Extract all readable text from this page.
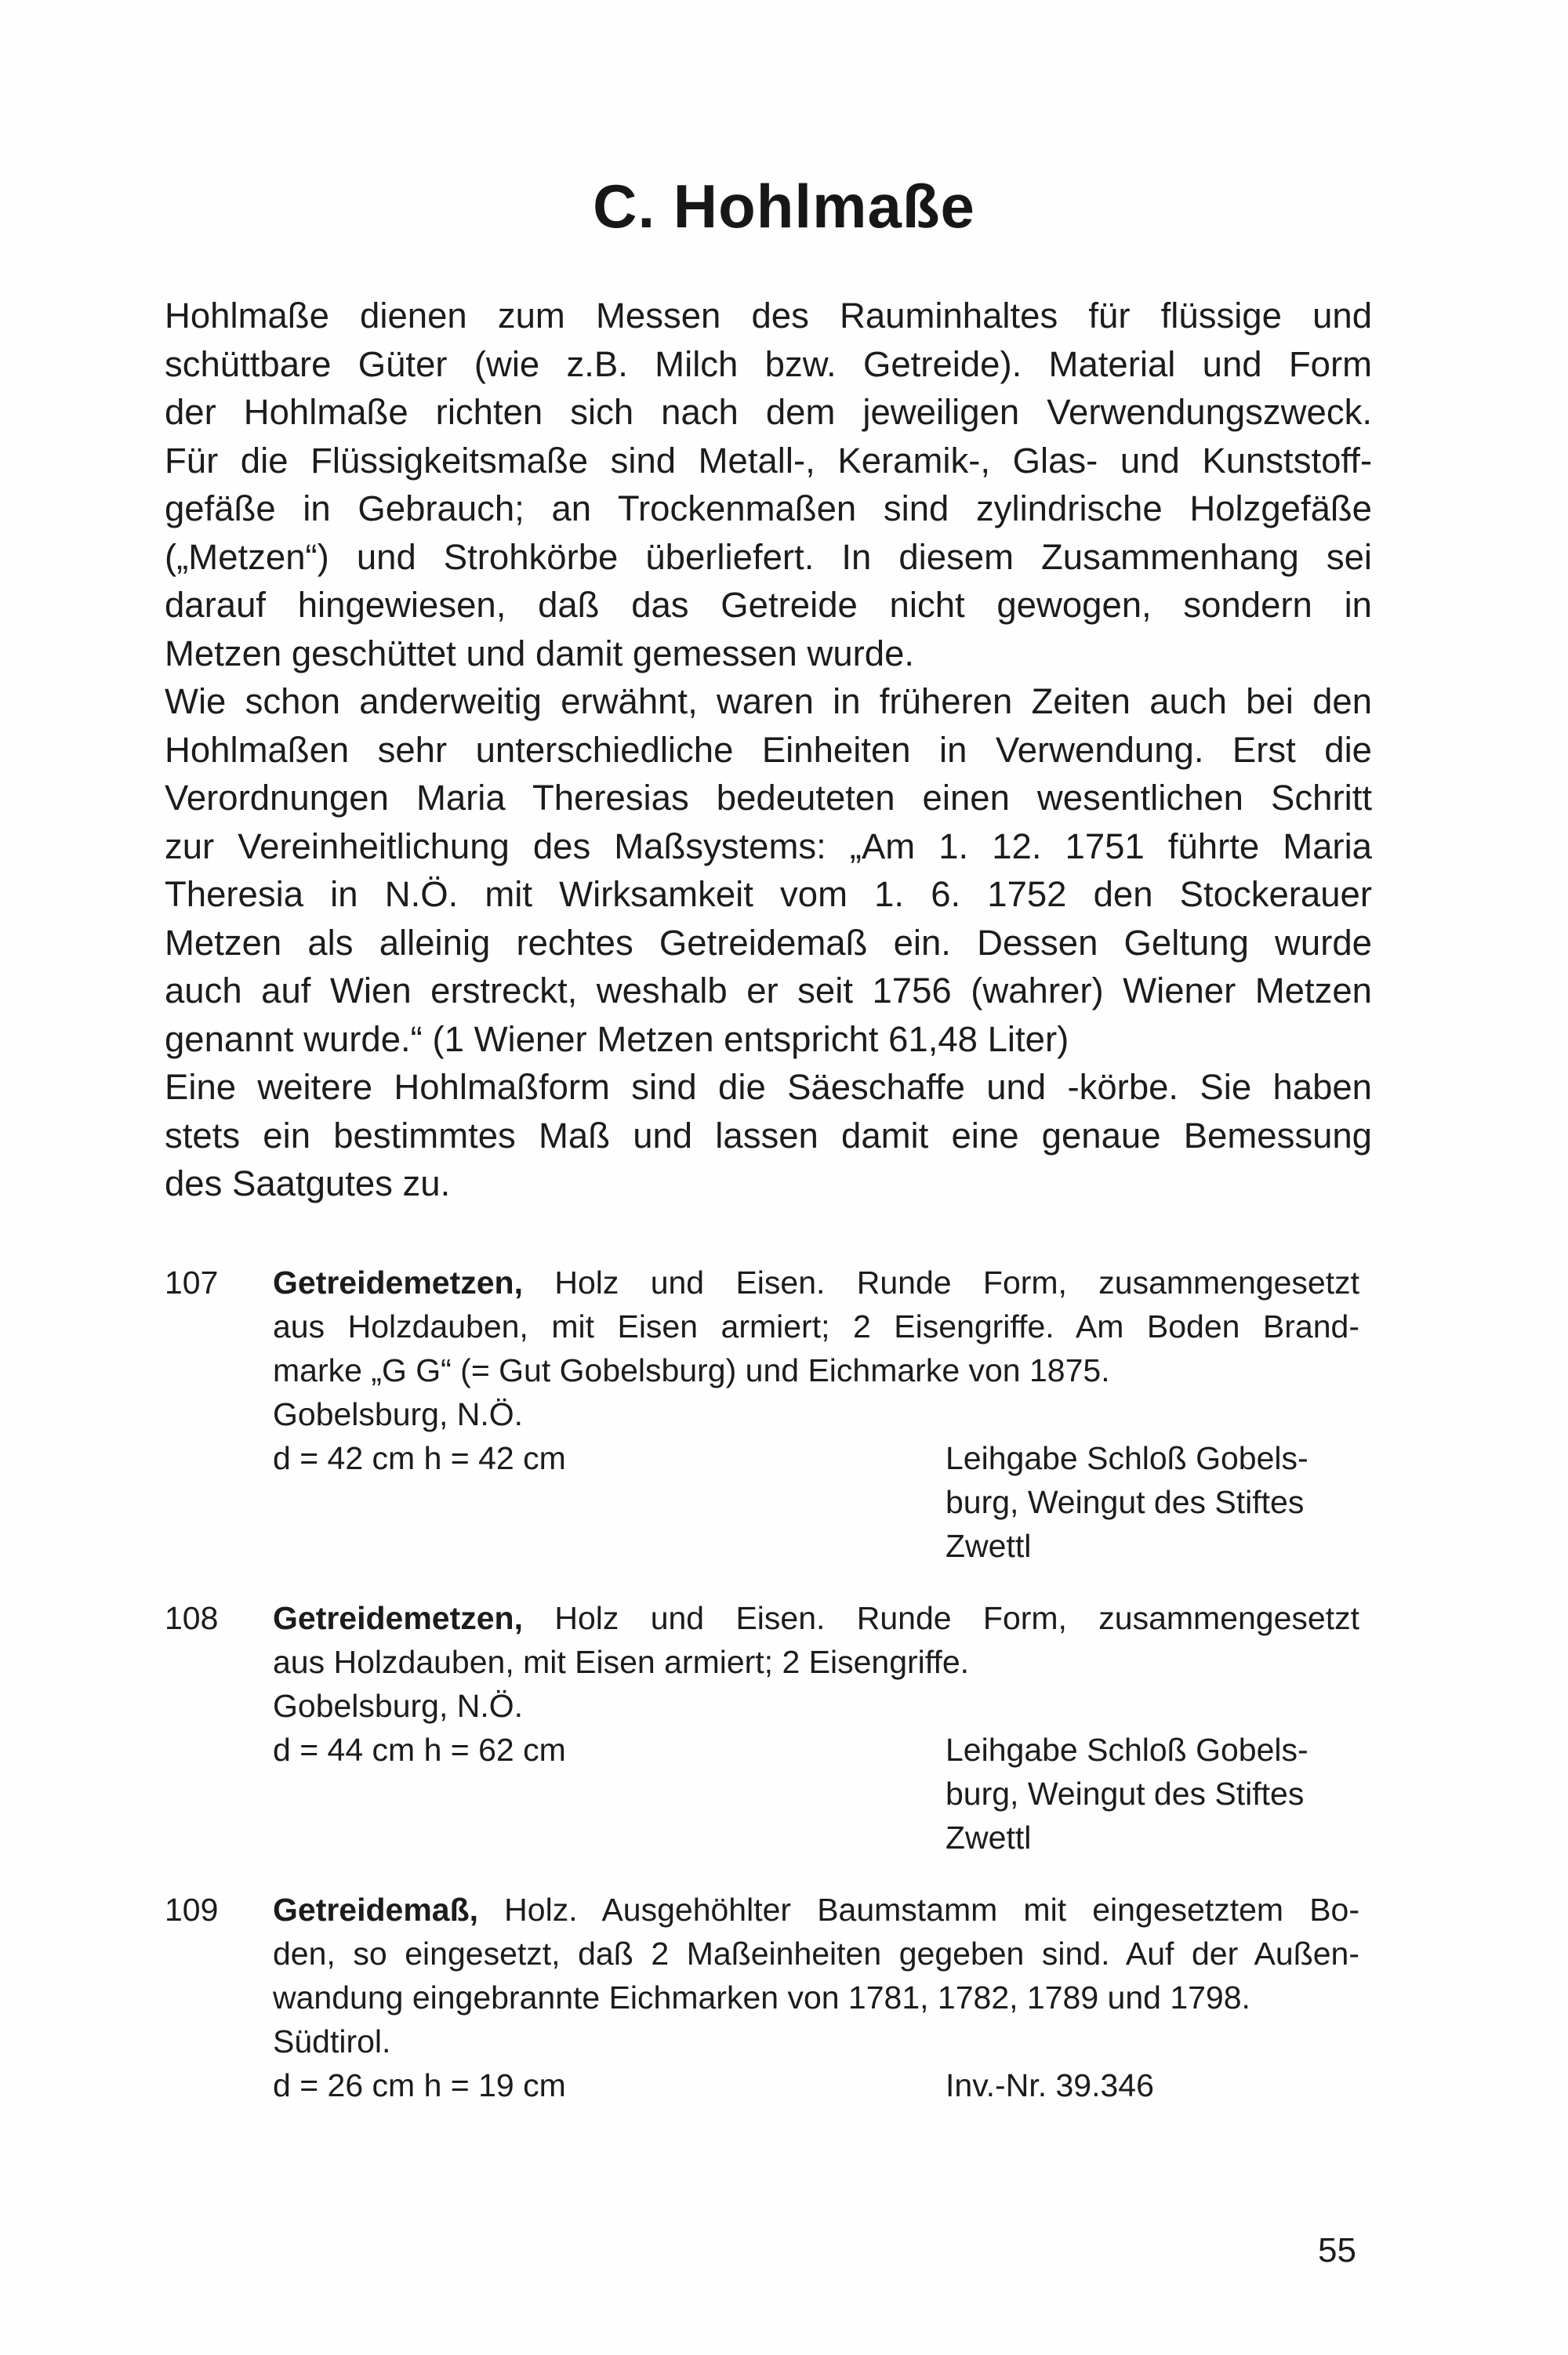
C. Hohlmaße
Hohlmaße dienen zum Messen des Rauminhaltes für flüssige und
schüttbare Güter (wie z.B. Milch bzw. Getreide). Material und Form
der Hohlmaße richten sich nach dem jeweiligen Verwendungszweck.
Für die Flüssigkeitsmaße sind Metall-, Keramik-, Glas- und Kunststoff-
gefäße in Gebrauch; an Trockenmaßen sind zylindrische Holzgefäße
(„Metzen“) und Strohkörbe überliefert. In diesem Zusammenhang sei
darauf hingewiesen, daß das Getreide nicht gewogen, sondern in
Metzen geschüttet und damit gemessen wurde.
Wie schon anderweitig erwähnt, waren in früheren Zeiten auch bei den
Hohlmaßen sehr unterschiedliche Einheiten in Verwendung. Erst die
Verordnungen Maria Theresias bedeuteten einen wesentlichen Schritt
zur Vereinheitlichung des Maßsystems: „Am 1. 12. 1751 führte Maria
Theresia in N.Ö. mit Wirksamkeit vom 1. 6. 1752 den Stockerauer
Metzen als alleinig rechtes Getreidemaß ein. Dessen Geltung wurde
auch auf Wien erstreckt, weshalb er seit 1756 (wahrer) Wiener Metzen
genannt wurde.“ (1 Wiener Metzen entspricht 61,48 Liter)
Eine weitere Hohlmaßform sind die Säeschaffe und -körbe. Sie haben
stets ein bestimmtes Maß und lassen damit eine genaue Bemessung
des Saatgutes zu.
107	Getreidemetzen, Holz und Eisen. Runde Form, zusammengesetzt
aus Holzdauben, mit Eisen armiert; 2 Eisengriffe. Am Boden Brand-
marke „G G“ (= Gut Gobelsburg) und Eichmarke von 1875.
Gobelsburg, N.Ö.
d = 42 cm h = 42 cm	Leihgabe Schloß Gobels-
burg, Weingut des Stiftes
Zwettl
108	Getreidemetzen, Holz und Eisen. Runde Form, zusammengesetzt
aus Holzdauben, mit Eisen armiert; 2 Eisengriffe.
Gobelsburg, N.Ö.
d = 44 cm h = 62 cm	Leihgabe Schloß Gobels-
burg, Weingut des Stiftes
Zwettl
109	Getreidemaß, Holz. Ausgehöhlter Baumstamm mit eingesetztem Bo-
den, so eingesetzt, daß 2 Maßeinheiten gegeben sind. Auf der Außen-
wandung eingebrannte Eichmarken von 1781, 1782, 1789 und 1798.
Südtirol.
d = 26 cm h = 19 cm	Inv.-Nr. 39.346
55
